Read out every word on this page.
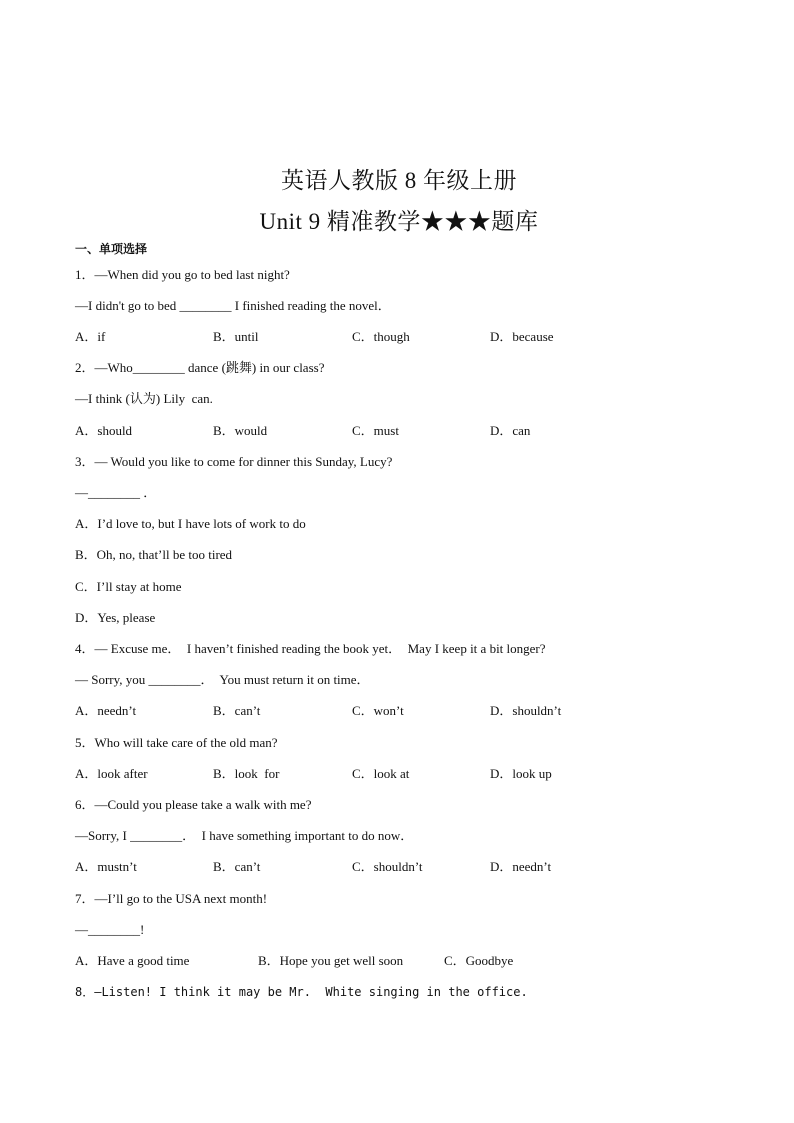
英语人教版 8 年级上册
Unit 9 精准教学★★★题库
一、单项选择
1．—When did you go to bed last night?
—I didn't go to bed ________ I finished reading the novel．
A．if	B．until	C．though	D．because
2．—Who________ dance (跳舞) in our class?
—I think (认为) Lily  can.
A．should	B．would	C．must	D．can
3．— Would you like to come for dinner this Sunday, Lucy?
—________ ．
A．I’d love to, but I have lots of work to do
B．Oh, no, that’ll be too tired
C．I’ll stay at home
D．Yes, please
4．— Excuse me．  I haven’t finished reading the book yet．  May I keep it a bit longer?
— Sorry, you ________．  You must return it on time．
A．needn’t	B．can’t	C．won’t	D．shouldn’t
5．Who will take care of the old man?
A．look after	B．look  for	C．look at	D．look up
6．—Could you please take a walk with me?
—Sorry, I ________．  I have something important to do now．
A．mustn’t	B．can’t	C．shouldn’t	D．needn’t
7．—I’ll go to the USA next month!
—________!
A．Have a good time	B．Hope you get well soon	C．Goodbye
8．—Listen! I think it may be Mr.  White singing in the office.
